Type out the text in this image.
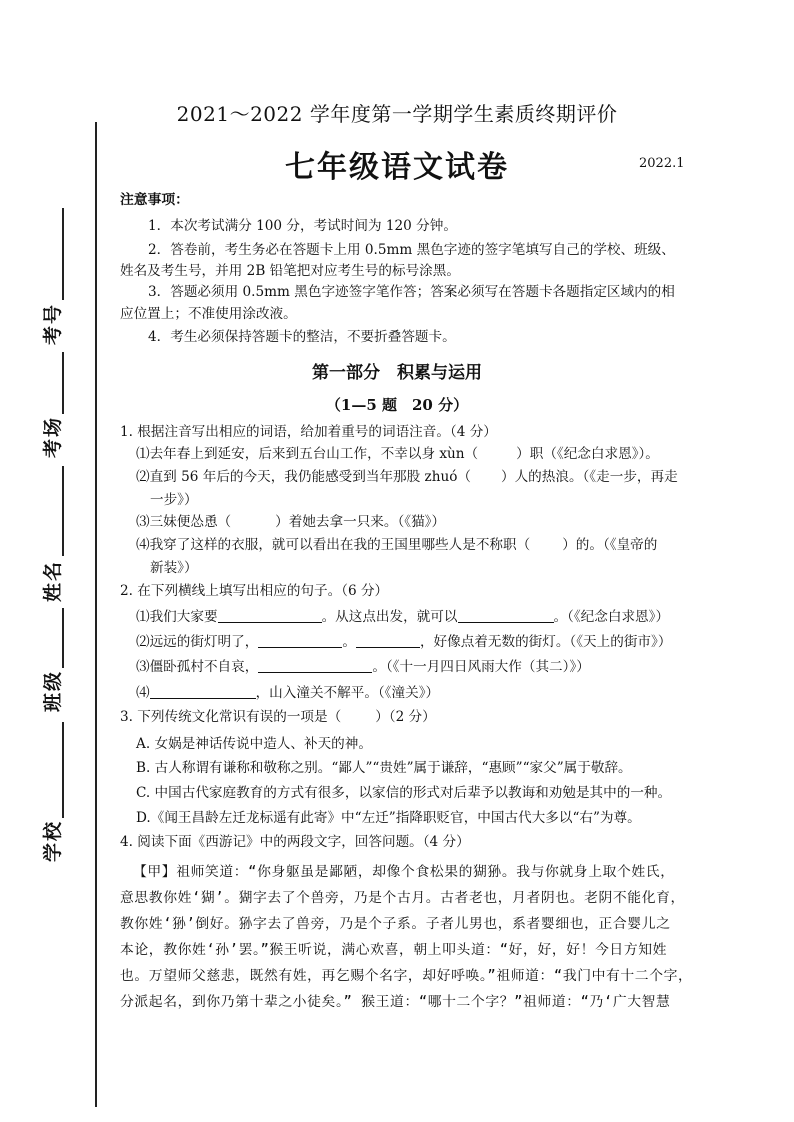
考号
考场
姓名
班级
学校
2021～2022 学年度第一学期学生素质终期评价
七年级语文试卷	2022.1
注意事项：
1．本次考试满分 100 分，考试时间为 120 分钟。
2．答卷前，考生务必在答题卡上用 0.5mm 黑色字迹的签字笔填写自己的学校、班级、
姓名及考生号，并用 2B 铅笔把对应考生号的标号涂黑。
3．答题必须用 0.5mm 黑色字迹签字笔作答；答案必须写在答题卡各题指定区域内的相
应位置上；不准使用涂改液。
4．考生必须保持答题卡的整洁，不要折叠答题卡。
第一部分　积累与运用
（1—5 题　20 分）
1. 根据注音写出相应的词语，给加着重号的词语注音。（4 分）
⑴去年春上到延安，后来到五台山工作，不幸以身 xùn（	）职（《纪念白求恩》）。
⑵直到 56 年后的今天，我仍能感受到当年那股 zhuó（ ）人的热浪。（《走一步，再走
一步》）
⑶三妹便怂恿（	）着她去拿一只来。（《猫》）
⑷我穿了这样的衣服，就可以看出在我的王国里哪些人是不称职（ ）的。（《皇帝的
新装》）
2. 在下列横线上填写出相应的句子。（6 分）
⑴我们大家要	。从这点出发，就可以	。（《纪念白求恩》）
⑵远远的街灯明了，	。	，好像点着无数的街灯。（《天上的街市》）
⑶僵卧孤村不自哀，	。（《十一月四日风雨大作（其二）》）
⑷	，山入潼关不解平。（《潼关》）
3. 下列传统文化常识有误的一项是（	）（2 分）
A. 女娲是神话传说中造人、补天的神。
B. 古人称谓有谦称和敬称之别。“鄙人”“贵姓”属于谦辞，“惠顾”“家父”属于敬辞。
C. 中国古代家庭教育的方式有很多，以家信的形式对后辈予以教诲和劝勉是其中的一种。
D.《闻王昌龄左迁龙标遥有此寄》中“左迁”指降职贬官，中国古代大多以“右”为尊。
4. 阅读下面《西游记》中的两段文字，回答问题。（4 分）
【甲】祖师笑道：“你身躯虽是鄙陋，却像个食松果的猢狲。我与你就身上取个姓氏，
意思教你姓‘猢’。猢字去了个兽旁，乃是个古月。古者老也，月者阴也。老阴不能化育，
教你姓‘狲’倒好。狲字去了兽旁，乃是个子系。子者儿男也，系者婴细也，正合婴儿之
本论，教你姓‘孙’罢。”猴王听说，满心欢喜，朝上叩头道：“好，好，好！今日方知姓
也。万望师父慈悲，既然有姓，再乞赐个名字，却好呼唤。”祖师道：“我门中有十二个字，
分派起名，到你乃第十辈之小徒矣。” 猴王道：“哪十二个字？”祖师道：“乃‘广大智慧
